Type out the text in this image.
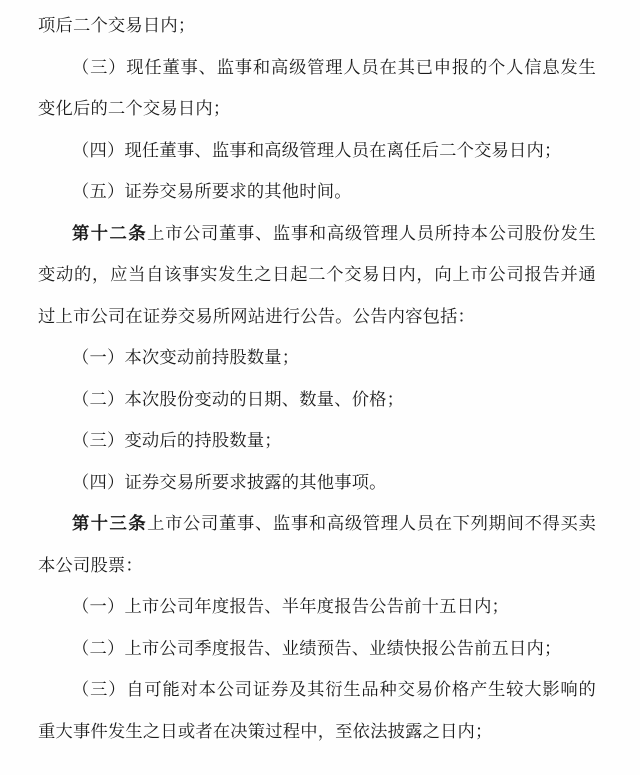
项后二个交易日内；

（三）现任董事、监事和高级管理人员在其已申报的个人信息发生变化后的二个交易日内；

（四）现任董事、监事和高级管理人员在离任后二个交易日内；

（五）证券交易所要求的其他时间。

第十二条上市公司董事、监事和高级管理人员所持本公司股份发生变动的，应当自该事实发生之日起二个交易日内，向上市公司报告并通过上市公司在证券交易所网站进行公告。公告内容包括：

（一）本次变动前持股数量；

（二）本次股份变动的日期、数量、价格；

（三）变动后的持股数量；

（四）证券交易所要求披露的其他事项。

第十三条上市公司董事、监事和高级管理人员在下列期间不得买卖本公司股票：

（一）上市公司年度报告、半年度报告公告前十五日内；

（二）上市公司季度报告、业绩预告、业绩快报公告前五日内；

（三）自可能对本公司证券及其衍生品种交易价格产生较大影响的重大事件发生之日或者在决策过程中，至依法披露之日内；
